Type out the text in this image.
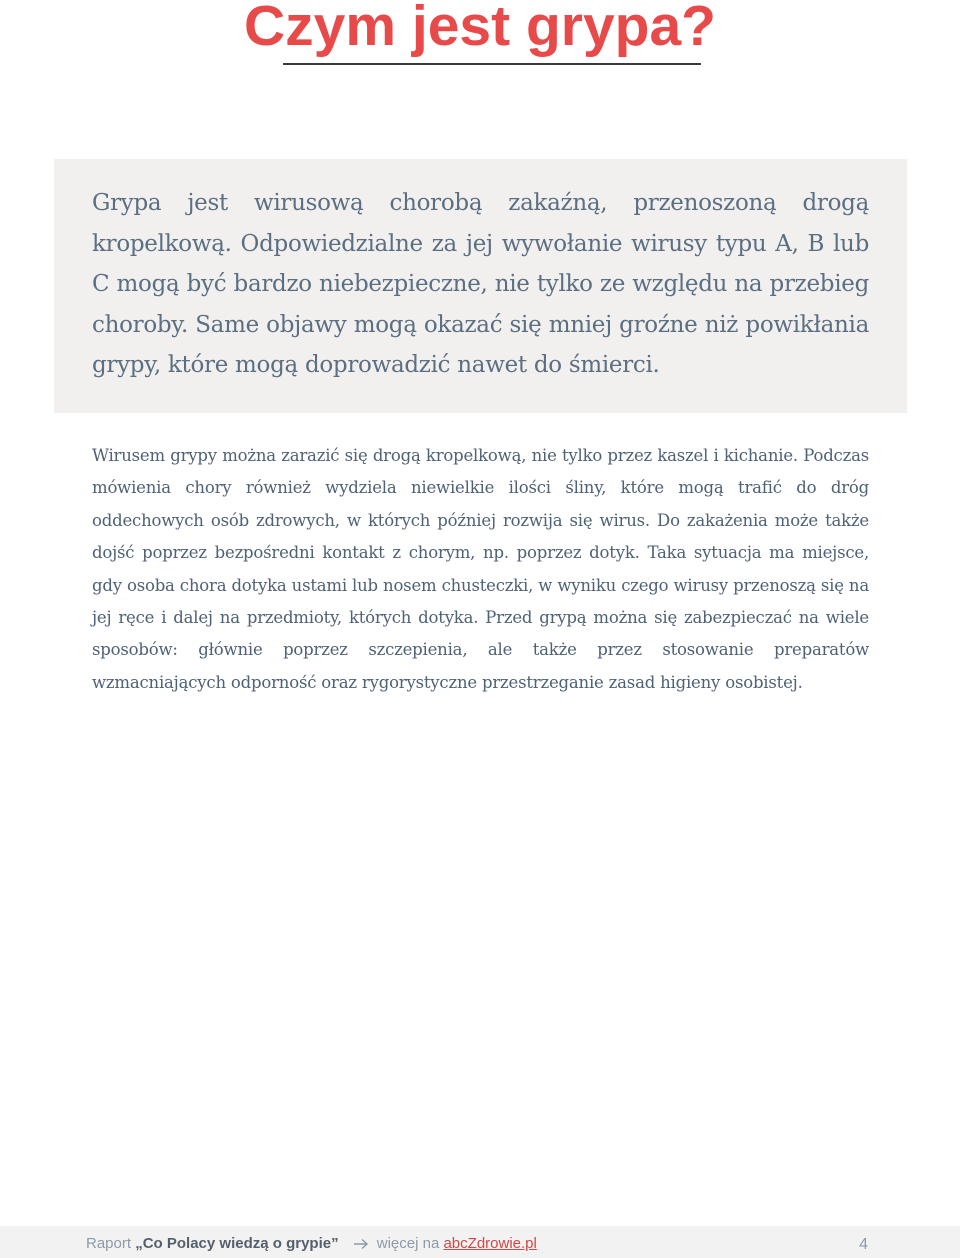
Czym jest grypa?

Grypa jest wirusową chorobą zakaźną, przenoszoną drogą kropelkową. Odpowiedzialne za jej wywołanie wirusy typu A, B lub C mogą być bardzo niebezpieczne, nie tylko ze względu na przebieg choroby. Same objawy mogą okazać się mniej groźne niż powikłania grypy, które mogą doprowadzić nawet do śmierci.

Wirusem grypy można zarazić się drogą kropelkową, nie tylko przez kaszel i kichanie. Podczas mówienia chory również wydziela niewielkie ilości śliny, które mogą trafić do dróg oddechowych osób zdrowych, w których później rozwija się wirus. Do zakażenia może także dojść poprzez bezpośredni kontakt z chorym, np. poprzez dotyk. Taka sytuacja ma miejsce, gdy osoba chora dotyka ustami lub nosem chusteczki, w wyniku czego wirusy przenoszą się na jej ręce i dalej na przedmioty, których dotyka. Przed grypą można się zabezpieczać na wiele sposobów: głównie poprzez szczepienia, ale także przez stosowanie preparatów wzmacniających odporność oraz rygorystyczne przestrzeganie zasad higieny osobistej.

Raport „Co Polacy wiedzą o grypie”	więcej na abcZdrowie.pl	4
